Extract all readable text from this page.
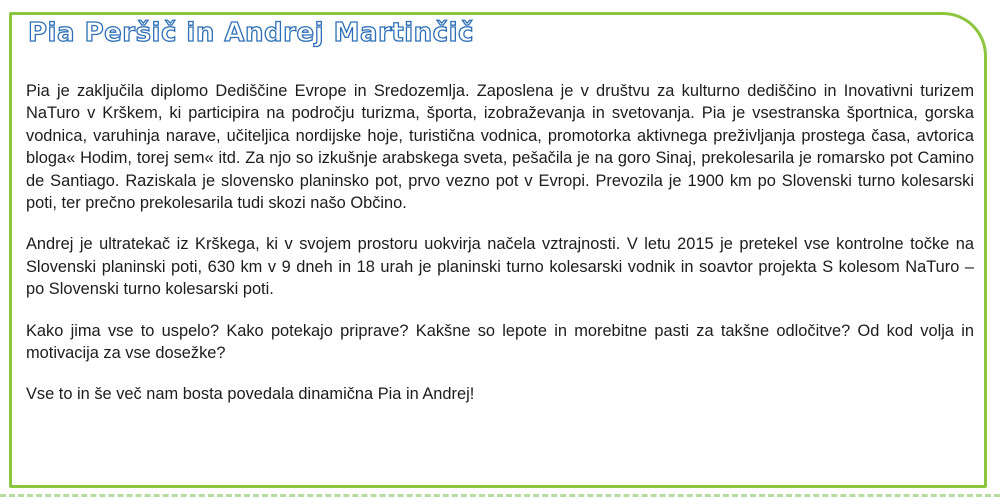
Pia Peršič in Andrej Martinčič

Pia je zaključila diplomo Dediščine Evrope in Sredozemlja. Zaposlena je v društvu za kulturno dediščino in Inovativni turizem NaTuro v Krškem, ki participira na področju turizma, športa, izobraževanja in svetovanja. Pia je vsestranska športnica, gorska vodnica, varuhinja narave, učiteljica nordijske hoje, turistična vodnica, promotorka aktivnega preživljanja prostega časa, avtorica bloga« Hodim, torej sem« itd. Za njo so izkušnje arabskega sveta, pešačila je na goro Sinaj, prekolesarila je romarsko pot Camino de Santiago. Raziskala je slovensko planinsko pot, prvo vezno pot v Evropi. Prevozila je 1900 km po Slovenski turno kolesarski poti, ter prečno prekolesarila tudi skozi našo Občino.

Andrej je ultratekač iz Krškega, ki v svojem prostoru uokvirja načela vztrajnosti. V letu 2015 je pretekel vse kontrolne točke na Slovenski planinski poti, 630 km v 9 dneh in 18 urah je planinski turno kolesarski vodnik in soavtor projekta S kolesom NaTuro – po Slovenski turno kolesarski poti.

Kako jima vse to uspelo? Kako potekajo priprave? Kakšne so lepote in morebitne pasti za takšne odločitve? Od kod volja in motivacija za vse dosežke?

Vse to in še več nam bosta povedala dinamična Pia in Andrej!
